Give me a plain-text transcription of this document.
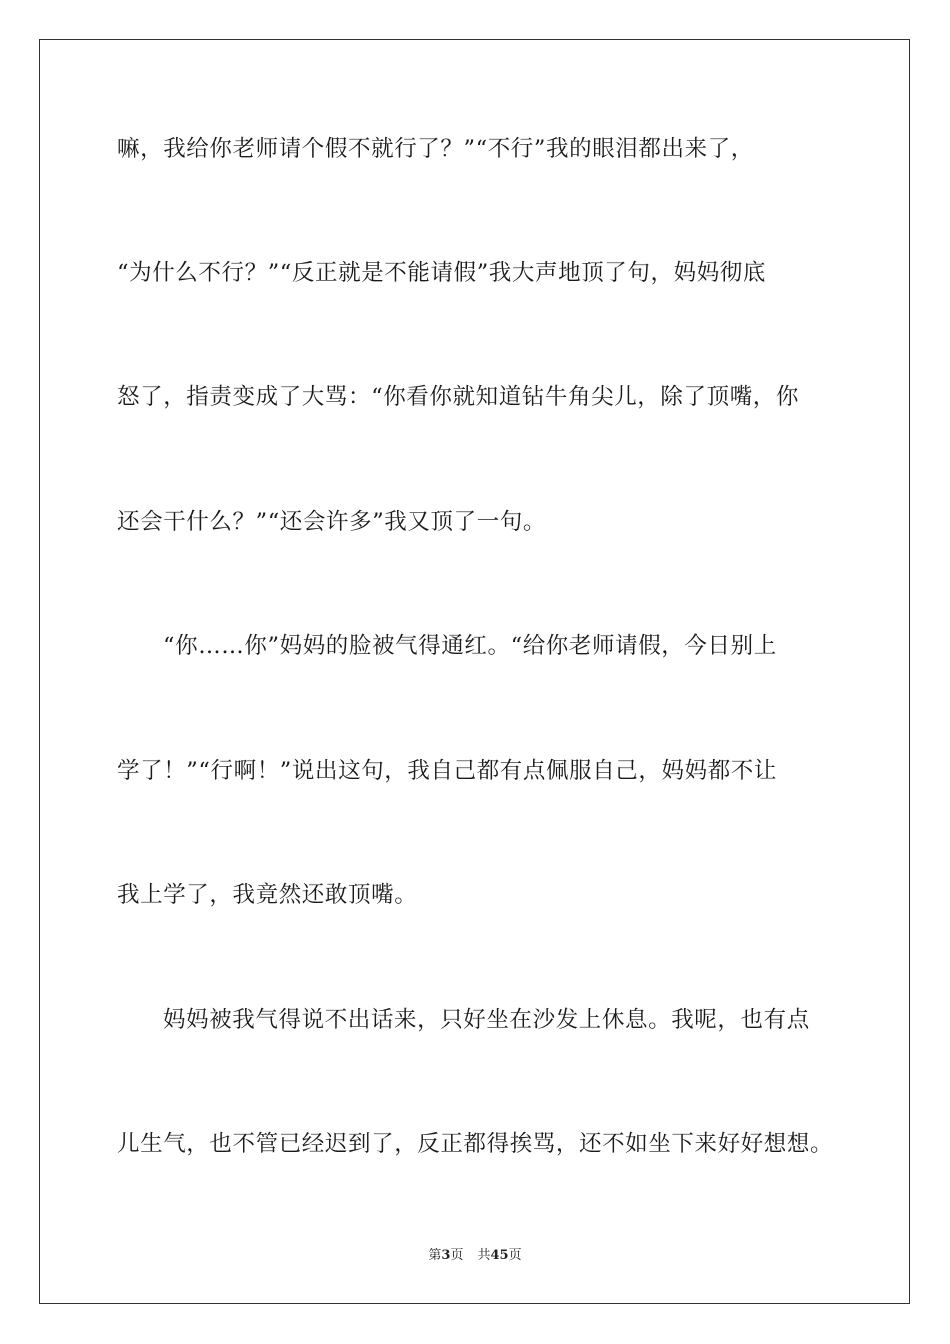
嘛，我给你老师请个假不就行了？”“不行”我的眼泪都出来了，
“为什么不行？”“反正就是不能请假”我大声地顶了句，妈妈彻底
怒了，指责变成了大骂：“你看你就知道钻牛角尖儿，除了顶嘴，你
还会干什么？”“还会许多”我又顶了一句。
“你……你”妈妈的脸被气得通红。“给你老师请假，今日别上
学了！”“行啊！”说出这句，我自己都有点佩服自己，妈妈都不让
我上学了，我竟然还敢顶嘴。
妈妈被我气得说不出话来，只好坐在沙发上休息。我呢，也有点
儿生气，也不管已经迟到了，反正都得挨骂，还不如坐下来好好想想。
第3页 共45页
